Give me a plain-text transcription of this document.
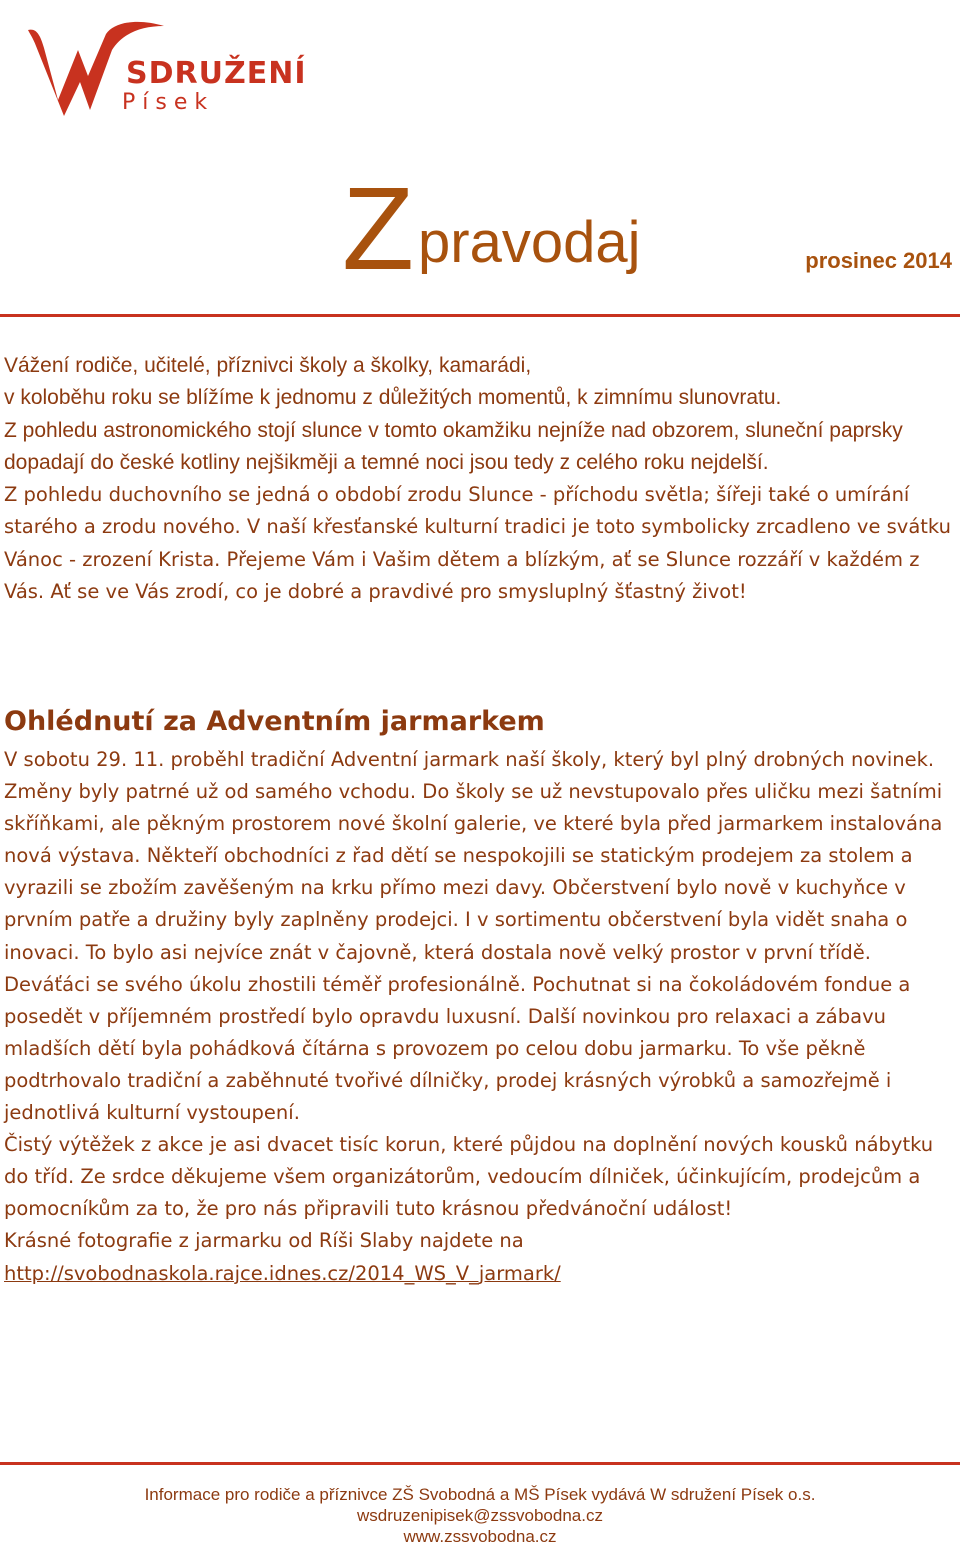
SDRUŽENÍ
Písek
Z pravodaj	prosinec 2014

Vážení rodiče, učitelé, příznivci školy a školky, kamarádi,

v koloběhu roku se blížíme k jednomu z důležitých momentů, k zimnímu slunovratu.

Z pohledu astronomického stojí slunce v tomto okamžiku nejníže nad obzorem, sluneční paprsky dopadají do české kotliny nejšikměji a temné noci jsou tedy z celého roku nejdelší.

Z pohledu duchovního se jedná o období zrodu Slunce - příchodu světla; šířeji také o umírání starého a zrodu nového. V naší křesťanské kulturní tradici je toto symbolicky zrcadleno ve svátku Vánoc - zrození Krista. Přejeme Vám i Vašim dětem a blízkým, ať se Slunce rozzáří v každém z Vás. Ať se ve Vás zrodí, co je dobré a pravdivé pro smysluplný šťastný život!

Ohlédnutí za Adventním jarmarkem

V sobotu 29. 11. proběhl tradiční Adventní jarmark naší školy, který byl plný drobných novinek. Změny byly patrné už od samého vchodu. Do školy se už nevstupovalo přes uličku mezi šatními skříňkami, ale pěkným prostorem nové školní galerie, ve které byla před jarmarkem instalována nová výstava. Někteří obchodníci z řad dětí se nespokojili se statickým prodejem za stolem a vyrazili se zbožím zavěšeným na krku přímo mezi davy. Občerstvení bylo nově v kuchyňce v prvním patře a družiny byly zaplněny prodejci. I v sortimentu občerstvení byla vidět snaha o inovaci. To bylo asi nejvíce znát v čajovně, která dostala nově velký prostor v první třídě. Deváťáci se svého úkolu zhostili téměř profesionálně. Pochutnat si na čokoládovém fondue a posedět v příjemném prostředí bylo opravdu luxusní. Další novinkou pro relaxaci a zábavu mladších dětí byla pohádková čítárna s provozem po celou dobu jarmarku. To vše pěkně podtrhovalo tradiční a zaběhnuté tvořivé dílničky, prodej krásných výrobků a samozřejmě i jednotlivá kulturní vystoupení.

Čistý výtěžek z akce je asi dvacet tisíc korun, které půjdou na doplnění nových kousků nábytku do tříd. Ze srdce děkujeme všem organizátorům, vedoucím dílniček, účinkujícím, prodejcům a pomocníkům za to, že pro nás připravili tuto krásnou předvánoční událost!

Krásné fotografie z jarmarku od Ríši Slaby najdete na

http://svobodnaskola.rajce.idnes.cz/2014_WS_V_jarmark/

Informace pro rodiče a příznivce ZŠ Svobodná a MŠ Písek vydává W sdružení Písek o.s.
wsdruzenipisek@zssvobodna.cz
www.zssvobodna.cz
